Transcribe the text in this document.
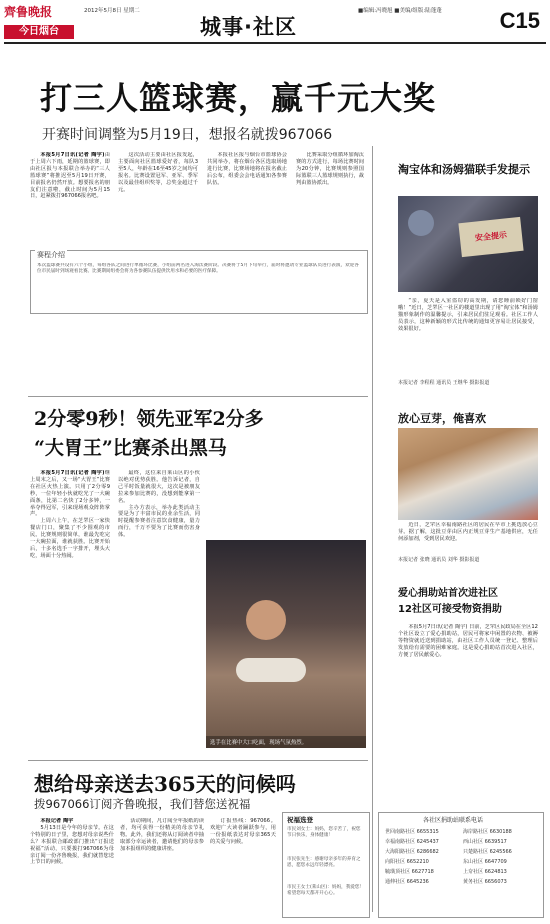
齊鲁晚报
今日烟台
2012年5月8日 星期二
城事·社区
■编辑:冯晓旭 ■美编/组版:陆蓬蓬	C15
打三人篮球赛，赢千元大奖
开赛时间调整为5月19日，想报名就拨967066

本报5月7日讯(记者 陶宇)由于上周六下雨，延期的篮球赛，即由社区报与本报联合举办的“三人篮球赛”将推迟至5月19日开赛，目前报名仍然开放。想要报名的朋友们注意啦，截止时间为5月15日，赶紧拨打967066报名吧。

这次活动主要由社区报发起，主要面向社区篮球爱好者，每队3至5人，年龄在16至45岁之间均可报名。比赛设置冠军、亚军、季军以及最佳组织奖等，总奖金超过千元。

本报社区报与烟台市篮球协会共同举办，将在烟台各区选取场地进行比赛，比赛场地将在报名截止后公布，组委会会电话通知各参赛队伍。

比赛采取分组循环加淘汰赛的方式进行，每场比赛时间为20分钟，比赛规则参照国际篮联三人篮球规则执行，裁判由篮协派出。

赛程介绍
本次篮球赛共设有六个小组，每组各队之间进行单循环比赛，小组前两名进入淘汰赛阶段。决赛将于5月下旬举行，届时将邀请专业篮球队员进行表演，欢迎各位市民届时到场观看比赛。比赛期间组委会将为各参赛队伍提供饮用水和必要的医疗保障。
淘宝体和汤姆猫联手发提示
安全提示

“亲，夏天是入室盗窃的高发期，请您睡前锁好门窗哦！”近日，芝罘区一社区的楼道里出现了用“淘宝体”和汤姆猫形象制作的温馨提示，引来居民们驻足观看。社区工作人员表示，这种新颖的形式比传统的通知更容易让居民接受，效果很好。

本报记者 李程程 通讯员 王继华 摄影报道
放心豆芽，俺喜欢

近日，芝罘区幸福南路社区的居民在早市上挑选放心豆芽。据了解，这批豆芽由区内正规豆芽生产基地供应，无任何添加剂，受到居民欢迎。

本报记者 张晓 通讯员 刘华 摄影报道
爱心捐助站首次进社区
12社区可接受物资捐助

本报5月7日讯(记者 陶宇) 日前，芝罘区民政局在全区12个社区设立了爱心捐助站，居民可将家中闲置的衣物、被褥等物资就近送到捐助站，由社区工作人员统一登记、整理后发放给有需要的困难家庭。这是爱心捐助站首次进入社区，方便了居民献爱心。

各社区捐助站联系电话
世回南路社区 6655315
幸福南路社区 6245437
大海阳路社区 6286682
向阳社区 6652210
毓璜顶社区 6627718
通伸社区 6645236
海岸路社区 6630188
西山社区 6639517
只楚路社区 6245566
东山社区 6647709
上夼社区 6624813
黄务社区 6656073
2分零9秒！领先亚军2分多
“大胃王”比赛杀出黑马

本报5月7日讯(记者 陶宇)继上周末之后，又一场“大胃王”比赛在社区火热上演。只用了2分零9秒，一位年轻小伙就吃光了一大碗面条，比第二名快了2分多钟，一举夺得冠军，引来现场观众阵阵掌声。

上周六上午，在芝罘区一家快餐店门口，聚集了不少围观的市民。比赛规则很简单，谁最先吃完一大碗拉面，谁就获胜。比赛开始后，十多名选手一字排开，埋头大吃，场面十分热闹。

最终，这位来自莱山区的小伙以绝对优势获胜。他告诉记者，自己平时饭量就很大，这次是被朋友拉来参加比赛的，没想到能拿第一名。

主办方表示，举办此类活动主要是为了丰富市民的业余生活，同时提醒参赛者注意饮食健康，量力而行，千万不要为了比赛而伤害身体。

选手在比赛中大口吃面，现场气氛热烈。
想给母亲送去365天的问候吗
拨967066订阅齐鲁晚报，我们替您送祝福

本报记者 陶宇

5月13日是今年的母亲节。在这个特别的日子里，您想对母亲说些什么？本报联合邮政部门推出“订报送祝福”活动，只要拨打967066为母亲订阅一份齐鲁晚报，我们就替您送上节日的问候。

活动期间，凡订阅全年报纸的读者，均可获得一份精美的母亲节礼物。此外，我们还将从订阅读者中抽取部分幸运读者，邀请他们的母亲参加本报组织的健康讲座。

订报热线：967066。欢迎广大读者踊跃参与，用一份报纸表达对母亲365天的关爱与问候。

祝福选登
市民刘女士：妈妈，您辛苦了，祝您节日快乐，身体健康！
市民张先生：感谢母亲多年的养育之恩，愿您永远年轻漂亮。
市民王女士(莱山区)：妈妈，我爱您！希望您每天都开开心心。
